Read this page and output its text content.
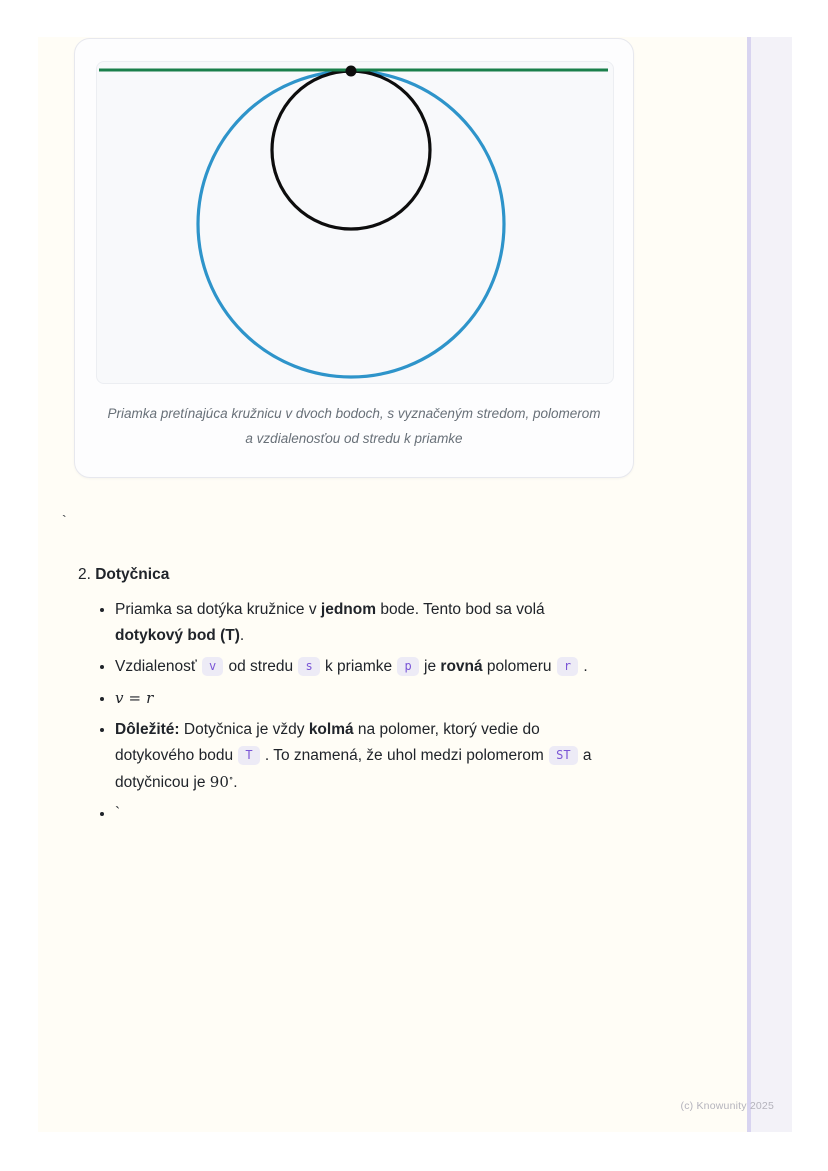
Priamka pretínajúca kružnicu v dvoch bodoch, s vyznačeným stredom, polomerom a vzdialenosťou od stredu k priamke
`
2. Dotyčnica
• Priamka sa dotýka kružnice v jednom bode. Tento bod sa volá
dotykový bod (T).
• Vzdialenosť v od stredu s k priamke p je rovná polomeru r .
• v = r
• Dôležité: Dotyčnica je vždy kolmá na polomer, ktorý vedie do
dotykového bodu T . To znamená, že uhol medzi polomerom ST a
dotyčnicou je 90∘.
• `
(c) Knowunity 2025
